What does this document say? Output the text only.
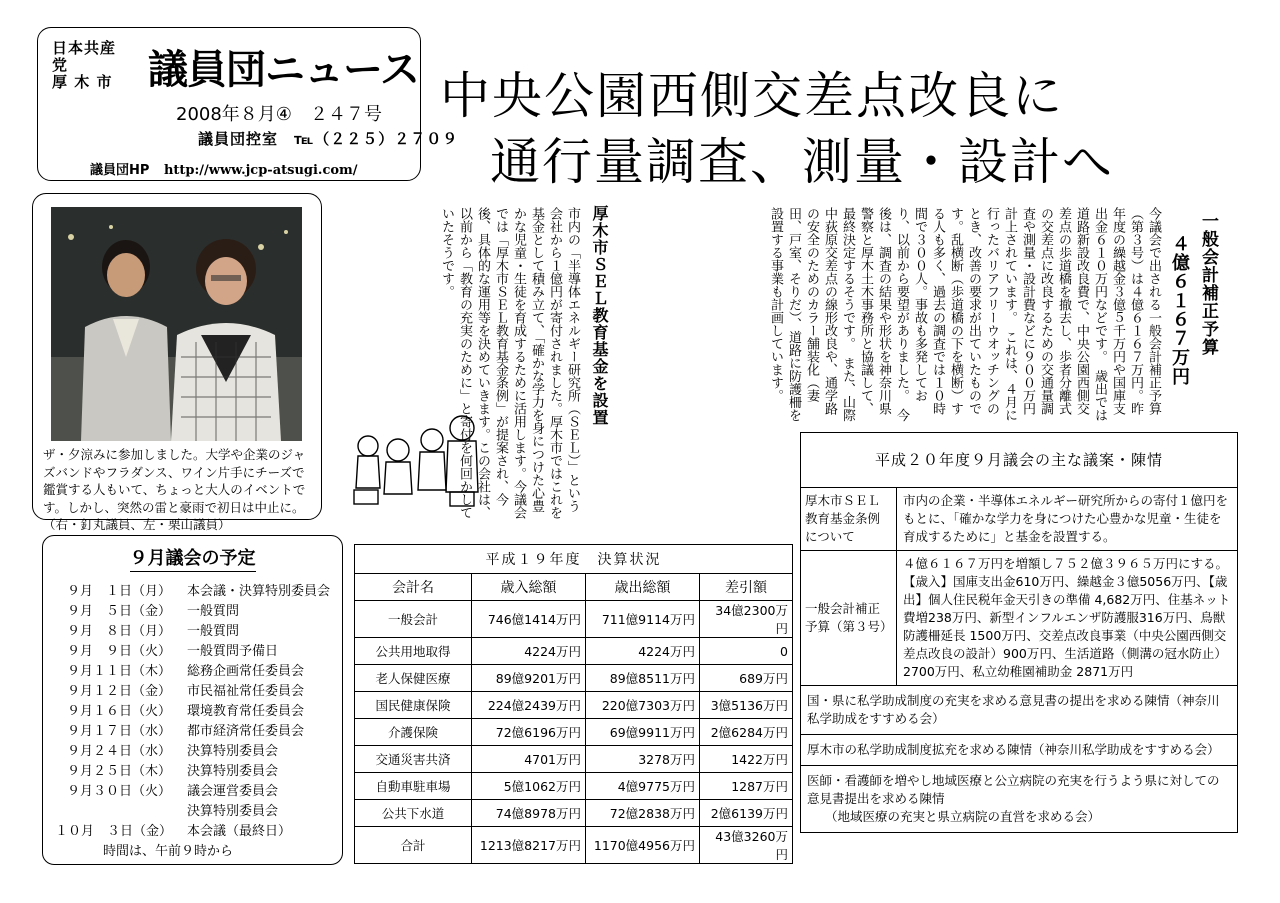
日本共産党
厚 木 市 議員団ニュース
2008年８月④　２４７号
議員団控室　℡（２２５）２７０９
議員団HP http://www.jcp-atsugi.com/
中央公園西側交差点改良に
通行量調査、測量・設計へ
ザ・夕涼みに参加しました。大学や企業のジャズバンドやフラダンス、ワイン片手にチーズで鑑賞する人もいて、ちょっと大人のイベントです。しかし、突然の雷と豪雨で初日は中止に。（右・釘丸議員、左・栗山議員）
厚木市ＳＥＬ教育基金を設置
市内の「半導体エネルギー研究所（ＳＥＬ）」という会社から１億円が寄付されました。厚木市ではこれを基金として積み立て、「確かな学力を身につけた心豊かな児童・生徒を育成するために活用します。今議会では「厚木市ＳＥＬ教育基金条例」が提案され、今後、具体的な運用等を決めていきます。この会社は、以前から「教育の充実のために」と寄付を何回かしていたそうです。	一般会計補正予算
４億６１６７万円
今議会で出される一般会計補正予算（第３号）は４億６１６７万円。昨年度の繰越金３億５千万円や国庫支出金６１０万円などです。　歳出では道路新設改良費で、中央公園西側交差点の歩道橋を撤去し、歩者分離式の交差点に改良するための交通量調査や測量・設計費などに９００万円計上されています。　これは、４月に行ったバリアフリーウオッチングのとき、改善の要求が出ていたものです。乱横断（歩道橋の下を横断）する人も多く、過去の調査では１０時間で３００人。事故も多発しており、以前から要望がありました。　今後は、調査の結果や形状を神奈川県警察と厚木土木事務所と協議して、最終決定するそうです。　また、山際中荻原交差点の線形改良や、通学路の安全のためのカラー舗装化（妻田、戸室、そりだ）、道路に防護柵を設置する事業も計画しています。
９月議会の予定
９月　１日（月） 本会議・決算特別委員会
９月　５日（金） 一般質問
９月　８日（月） 一般質問
９月　９日（火） 一般質問予備日
９月１１日（木） 総務企画常任委員会
９月１２日（金） 市民福祉常任委員会
９月１６日（火） 環境教育常任委員会
９月１７日（水） 都市経済常任委員会
９月２４日（水） 決算特別委員会
９月２５日（木） 決算特別委員会
９月３０日（火） 議会運営委員会
決算特別委員会
１０月　３日（金） 本会議（最終日）
時間は、午前９時から
平成１９年度　決算状況			
会計名	歳入総額	歳出総額	差引額
一般会計	746億1414万円	711億9114万円	34億2300万円
公共用地取得	4224万円	4224万円	0
老人保健医療	89億9201万円	89億8511万円	689万円
国民健康保険	224億2439万円	220億7303万円	3億5136万円
介護保険	72億6196万円	69億9911万円	2億6284万円
交通災害共済	4701万円	3278万円	1422万円
自動車駐車場	5億1062万円	4億9775万円	1287万円
公共下水道	74億8978万円	72億2838万円	2億6139万円
合計	1213億8217万円	1170億4956万円	43億3260万円
平成２０年度９月議会の主な議案・陳情
厚木市ＳＥＬ教育基金条例について
市内の企業・半導体エネルギー研究所からの寄付１億円をもとに、「確かな学力を身につけた心豊かな児童・生徒を育成するために」と基金を設置する。
一般会計補正予算（第３号）
４億６１６７万円を増額し７５２億３９６５万円にする。【歳入】国庫支出金610万円、繰越金３億5056万円、【歳出】個人住民税年金天引きの準備 4,682万円、住基ネット費増238万円、新型インフルエンザ防護服316万円、鳥獣防護柵延長 1500万円、交差点改良事業（中央公園西側交差点改良の設計）900万円、生活道路（側溝の冠水防止）2700万円、私立幼稚園補助金 2871万円
国・県に私学助成制度の充実を求める意見書の提出を求める陳情（神奈川私学助成をすすめる会）
厚木市の私学助成制度拡充を求める陳情（神奈川私学助成をすすめる会）
医師・看護師を増やし地域医療と公立病院の充実を行うよう県に対しての意見書提出を求める陳情
（地域医療の充実と県立病院の直営を求める会）
